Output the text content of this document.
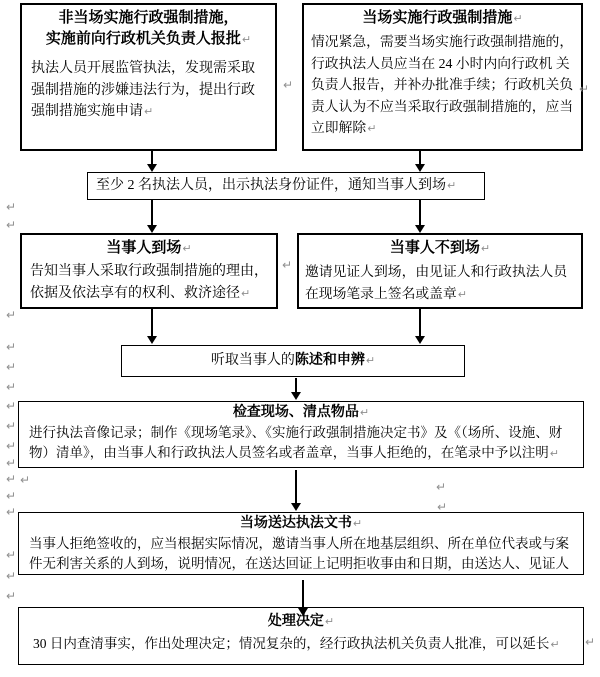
非当场实施行政强制措施，
实施前向行政机关负责人报批↵
执法人员开展监管执法，发现需采取强制措施的涉嫌违法行为，提出行政强制措施实施申请↵
当场实施行政强制措施↵
情况紧急，需要当场实施行政强制措施的，行政执法人员应当在 24 小时内向行政机 关负责人报告，并补办批准手续；行政机关负责人认为不应当采取行政强制措施的，应当立即解除↵
至少 2 名执法人员，出示执法身份证件，通知当事人到场↵
当事人到场↵
告知当事人采取行政强制措施的理由，依据及依法享有的权利、救济途径↵
当事人不到场↵
邀请见证人到场，由见证人和行政执法人员在现场笔录上签名或盖章↵
听取当事人的陈述和申辨↵
检查现场、清点物品↵
进行执法音像记录；制作《现场笔录》、《实施行政强制措施决定书》及《（场所、设施、财物）清单》，由当事人和行政执法人员签名或者盖章，当事人拒绝的，在笔录中予以注明↵
当场送达执法文书↵
当事人拒绝签收的，应当根据实际情况，邀请当事人所在地基层组织、所在单位代表或与案件无利害关系的人到场，说明情况，在送达回证上记明拒收事由和日期，由送达人、见证人
处理决定↵
30 日内查清事实，作出处理决定；情况复杂的，经行政执法机关负责人批准，可以延长↵
↵
↵
↵
↵
↵
↵
↵
↵
↵
↵
↵ ↵
↵
↵
↵
↵
↵
↵	↵
↵
↵
↵
↵
